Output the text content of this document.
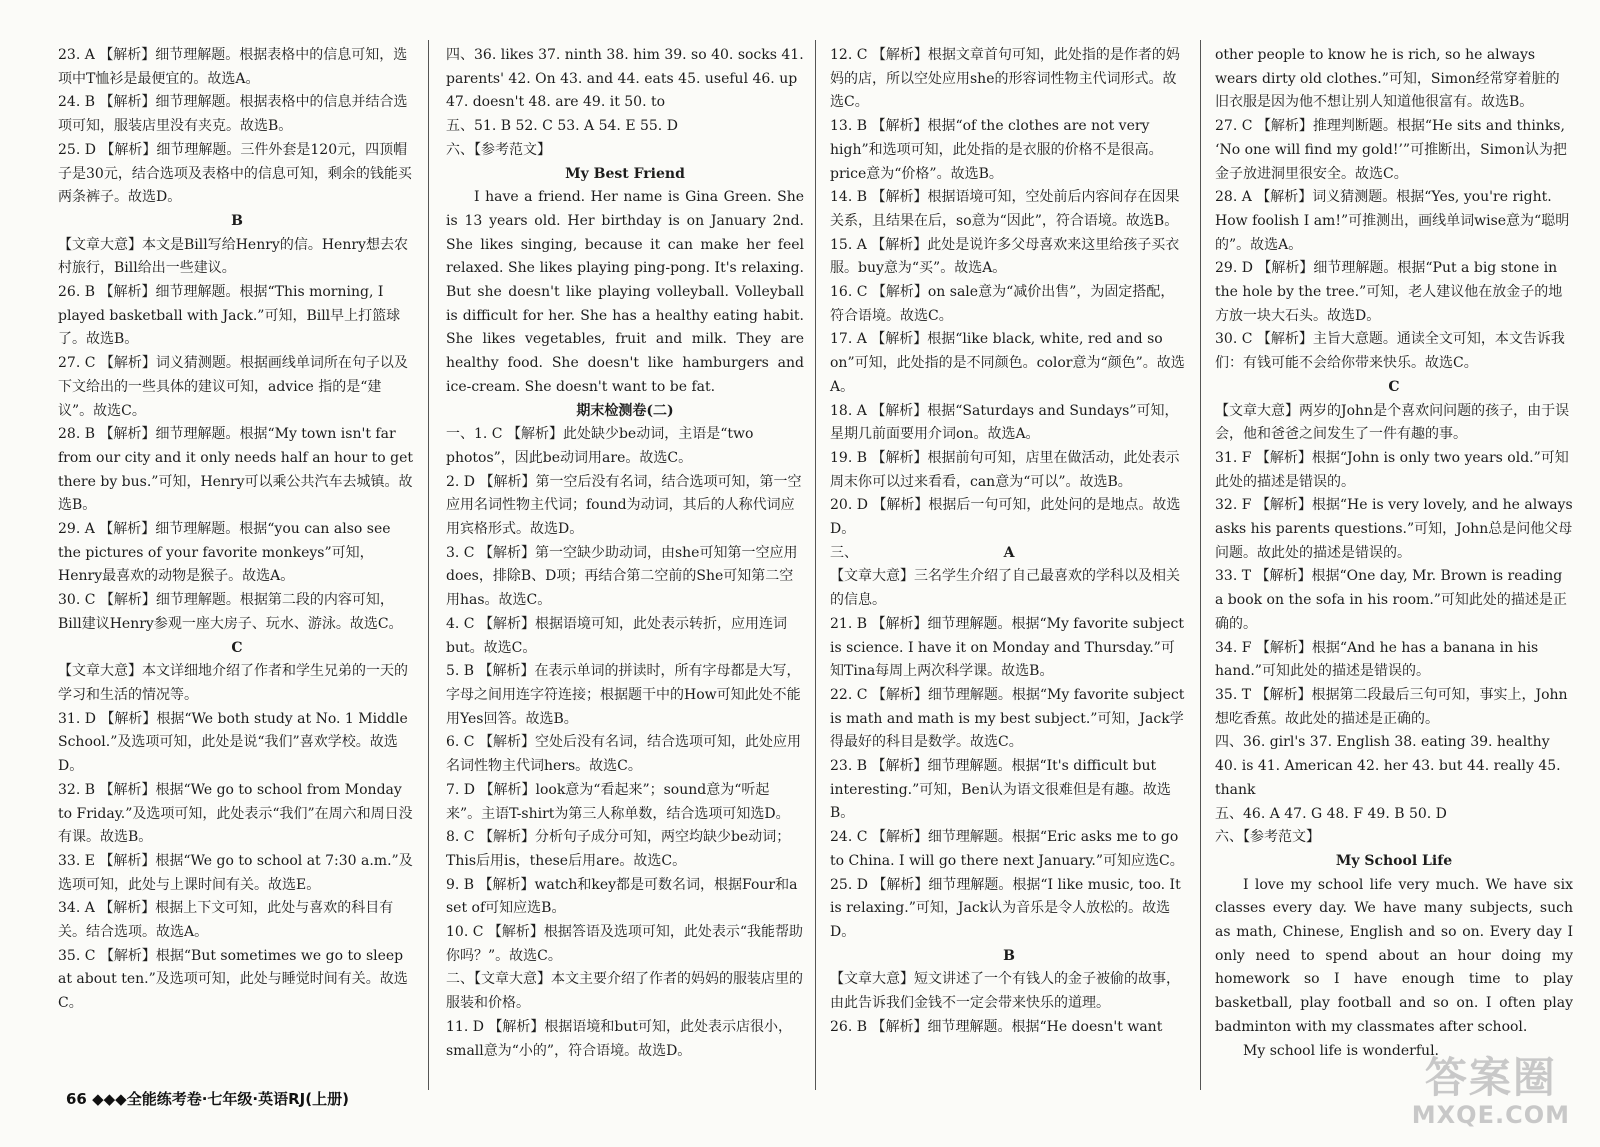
23. A 【解析】细节理解题。根据表格中的信息可知，选项中T恤衫是最便宜的。故选A。

24. B 【解析】细节理解题。根据表格中的信息并结合选项可知，服装店里没有夹克。故选B。

25. D 【解析】细节理解题。三件外套是120元，四顶帽子是30元，结合选项及表格中的信息可知，剩余的钱能买两条裤子。故选D。

B

【文章大意】本文是Bill写给Henry的信。Henry想去农村旅行，Bill给出一些建议。

26. B 【解析】细节理解题。根据“This morning, I played basketball with Jack.”可知，Bill早上打篮球了。故选B。

27. C 【解析】词义猜测题。根据画线单词所在句子以及下文给出的一些具体的建议可知，advice 指的是“建议”。故选C。

28. B 【解析】细节理解题。根据“My town isn't far from our city and it only needs half an hour to get there by bus.”可知，Henry可以乘公共汽车去城镇。故选B。

29. A 【解析】细节理解题。根据“you can also see the pictures of your favorite monkeys”可知，Henry最喜欢的动物是猴子。故选A。

30. C 【解析】细节理解题。根据第二段的内容可知，Bill建议Henry参观一座大房子、玩水、游泳。故选C。

C

【文章大意】本文详细地介绍了作者和学生兄弟的一天的学习和生活的情况等。

31. D 【解析】根据“We both study at No. 1 Middle School.”及选项可知，此处是说“我们”喜欢学校。故选D。

32. B 【解析】根据“We go to school from Monday to Friday.”及选项可知，此处表示“我们”在周六和周日没有课。故选B。

33. E 【解析】根据“We go to school at 7:30 a.m.”及选项可知，此处与上课时间有关。故选E。

34. A 【解析】根据上下文可知，此处与喜欢的科目有关。结合选项。故选A。

35. C 【解析】根据“But sometimes we go to sleep at about ten.”及选项可知，此处与睡觉时间有关。故选C。

四、36. likes 37. ninth 38. him 39. so 40. socks 41. parents' 42. On 43. and 44. eats 45. useful 46. up 47. doesn't 48. are 49. it 50. to

五、51. B 52. C 53. A 54. E 55. D

六、【参考范文】

My Best Friend

I have a friend. Her name is Gina Green. She is 13 years old. Her birthday is on January 2nd. She likes singing, because it can make her feel relaxed. She likes playing ping-pong. It's relaxing. But she doesn't like playing volleyball. Volleyball is difficult for her. She has a healthy eating habit. She likes vegetables, fruit and milk. They are healthy food. She doesn't like hamburgers and ice-cream. She doesn't want to be fat.

期末检测卷(二)

一、1. C 【解析】此处缺少be动词，主语是“two photos”，因此be动词用are。故选C。

2. D 【解析】第一空后没有名词，结合选项可知，第一空应用名词性物主代词；found为动词，其后的人称代词应用宾格形式。故选D。

3. C 【解析】第一空缺少助动词，由she可知第一空应用does，排除B、D项；再结合第二空前的She可知第二空用has。故选C。

4. C 【解析】根据语境可知，此处表示转折，应用连词but。故选C。

5. B 【解析】在表示单词的拼读时，所有字母都是大写，字母之间用连字符连接；根据题干中的How可知此处不能用Yes回答。故选B。

6. C 【解析】空处后没有名词，结合选项可知，此处应用名词性物主代词hers。故选C。

7. D 【解析】look意为“看起来”；sound意为“听起来”。主语T-shirt为第三人称单数，结合选项可知选D。

8. C 【解析】分析句子成分可知，两空均缺少be动词；This后用is，these后用are。故选C。

9. B 【解析】watch和key都是可数名词，根据Four和a set of可知应选B。

10. C 【解析】根据答语及选项可知，此处表示“我能帮助你吗？”。故选C。

二、【文章大意】本文主要介绍了作者的妈妈的服装店里的服装和价格。

11. D 【解析】根据语境和but可知，此处表示店很小，small意为“小的”，符合语境。故选D。

12. C 【解析】根据文章首句可知，此处指的是作者的妈妈的店，所以空处应用she的形容词性物主代词形式。故选C。

13. B 【解析】根据“of the clothes are not very high”和选项可知，此处指的是衣服的价格不是很高。price意为“价格”。故选B。

14. B 【解析】根据语境可知，空处前后内容间存在因果关系，且结果在后，so意为“因此”，符合语境。故选B。

15. A 【解析】此处是说许多父母喜欢来这里给孩子买衣服。buy意为“买”。故选A。

16. C 【解析】on sale意为“减价出售”，为固定搭配，符合语境。故选C。

17. A 【解析】根据“like black, white, red and so on”可知，此处指的是不同颜色。color意为“颜色”。故选A。

18. A 【解析】根据“Saturdays and Sundays”可知，星期几前面要用介词on。故选A。

19. B 【解析】根据前句可知，店里在做活动，此处表示周末你可以过来看看，can意为“可以”。故选B。

20. D 【解析】根据后一句可知，此处问的是地点。故选D。

三、	A

【文章大意】三名学生介绍了自己最喜欢的学科以及相关的信息。

21. B 【解析】细节理解题。根据“My favorite subject is science. I have it on Monday and Thursday.”可知Tina每周上两次科学课。故选B。

22. C 【解析】细节理解题。根据“My favorite subject is math and math is my best subject.”可知，Jack学得最好的科目是数学。故选C。

23. B 【解析】细节理解题。根据“It's difficult but interesting.”可知，Ben认为语文很难但是有趣。故选B。

24. C 【解析】细节理解题。根据“Eric asks me to go to China. I will go there next January.”可知应选C。

25. D 【解析】细节理解题。根据“I like music, too. It is relaxing.”可知，Jack认为音乐是令人放松的。故选D。

B

【文章大意】短文讲述了一个有钱人的金子被偷的故事，由此告诉我们金钱不一定会带来快乐的道理。

26. B 【解析】细节理解题。根据“He doesn't want

other people to know he is rich, so he always wears dirty old clothes.”可知，Simon经常穿着脏的旧衣服是因为他不想让别人知道他很富有。故选B。

27. C 【解析】推理判断题。根据“He sits and thinks, ‘No one will find my gold!’”可推断出，Simon认为把金子放进洞里很安全。故选C。

28. A 【解析】词义猜测题。根据“Yes, you're right. How foolish I am!”可推测出，画线单词wise意为“聪明的”。故选A。

29. D 【解析】细节理解题。根据“Put a big stone in the hole by the tree.”可知，老人建议他在放金子的地方放一块大石头。故选D。

30. C 【解析】主旨大意题。通读全文可知，本文告诉我们：有钱可能不会给你带来快乐。故选C。

C

【文章大意】两岁的John是个喜欢问问题的孩子，由于误会，他和爸爸之间发生了一件有趣的事。

31. F 【解析】根据“John is only two years old.”可知此处的描述是错误的。

32. F 【解析】根据“He is very lovely, and he always asks his parents questions.”可知，John总是问他父母问题。故此处的描述是错误的。

33. T 【解析】根据“One day, Mr. Brown is reading a book on the sofa in his room.”可知此处的描述是正确的。

34. F 【解析】根据“And he has a banana in his hand.”可知此处的描述是错误的。

35. T 【解析】根据第二段最后三句可知，事实上，John想吃香蕉。故此处的描述是正确的。

四、36. girl's 37. English 38. eating 39. healthy 40. is 41. American 42. her 43. but 44. really 45. thank

五、46. A 47. G 48. F 49. B 50. D

六、【参考范文】

My School Life

I love my school life very much. We have six classes every day. We have many subjects, such as math, Chinese, English and so on. Every day I only need to spend about an hour doing my homework so I have enough time to play basketball, play football and so on. I often play badminton with my classmates after school.

My school life is wonderful.

66 ◆◆◆全能练考卷·七年级·英语RJ(上册)	答案圈
MXQE.COM
